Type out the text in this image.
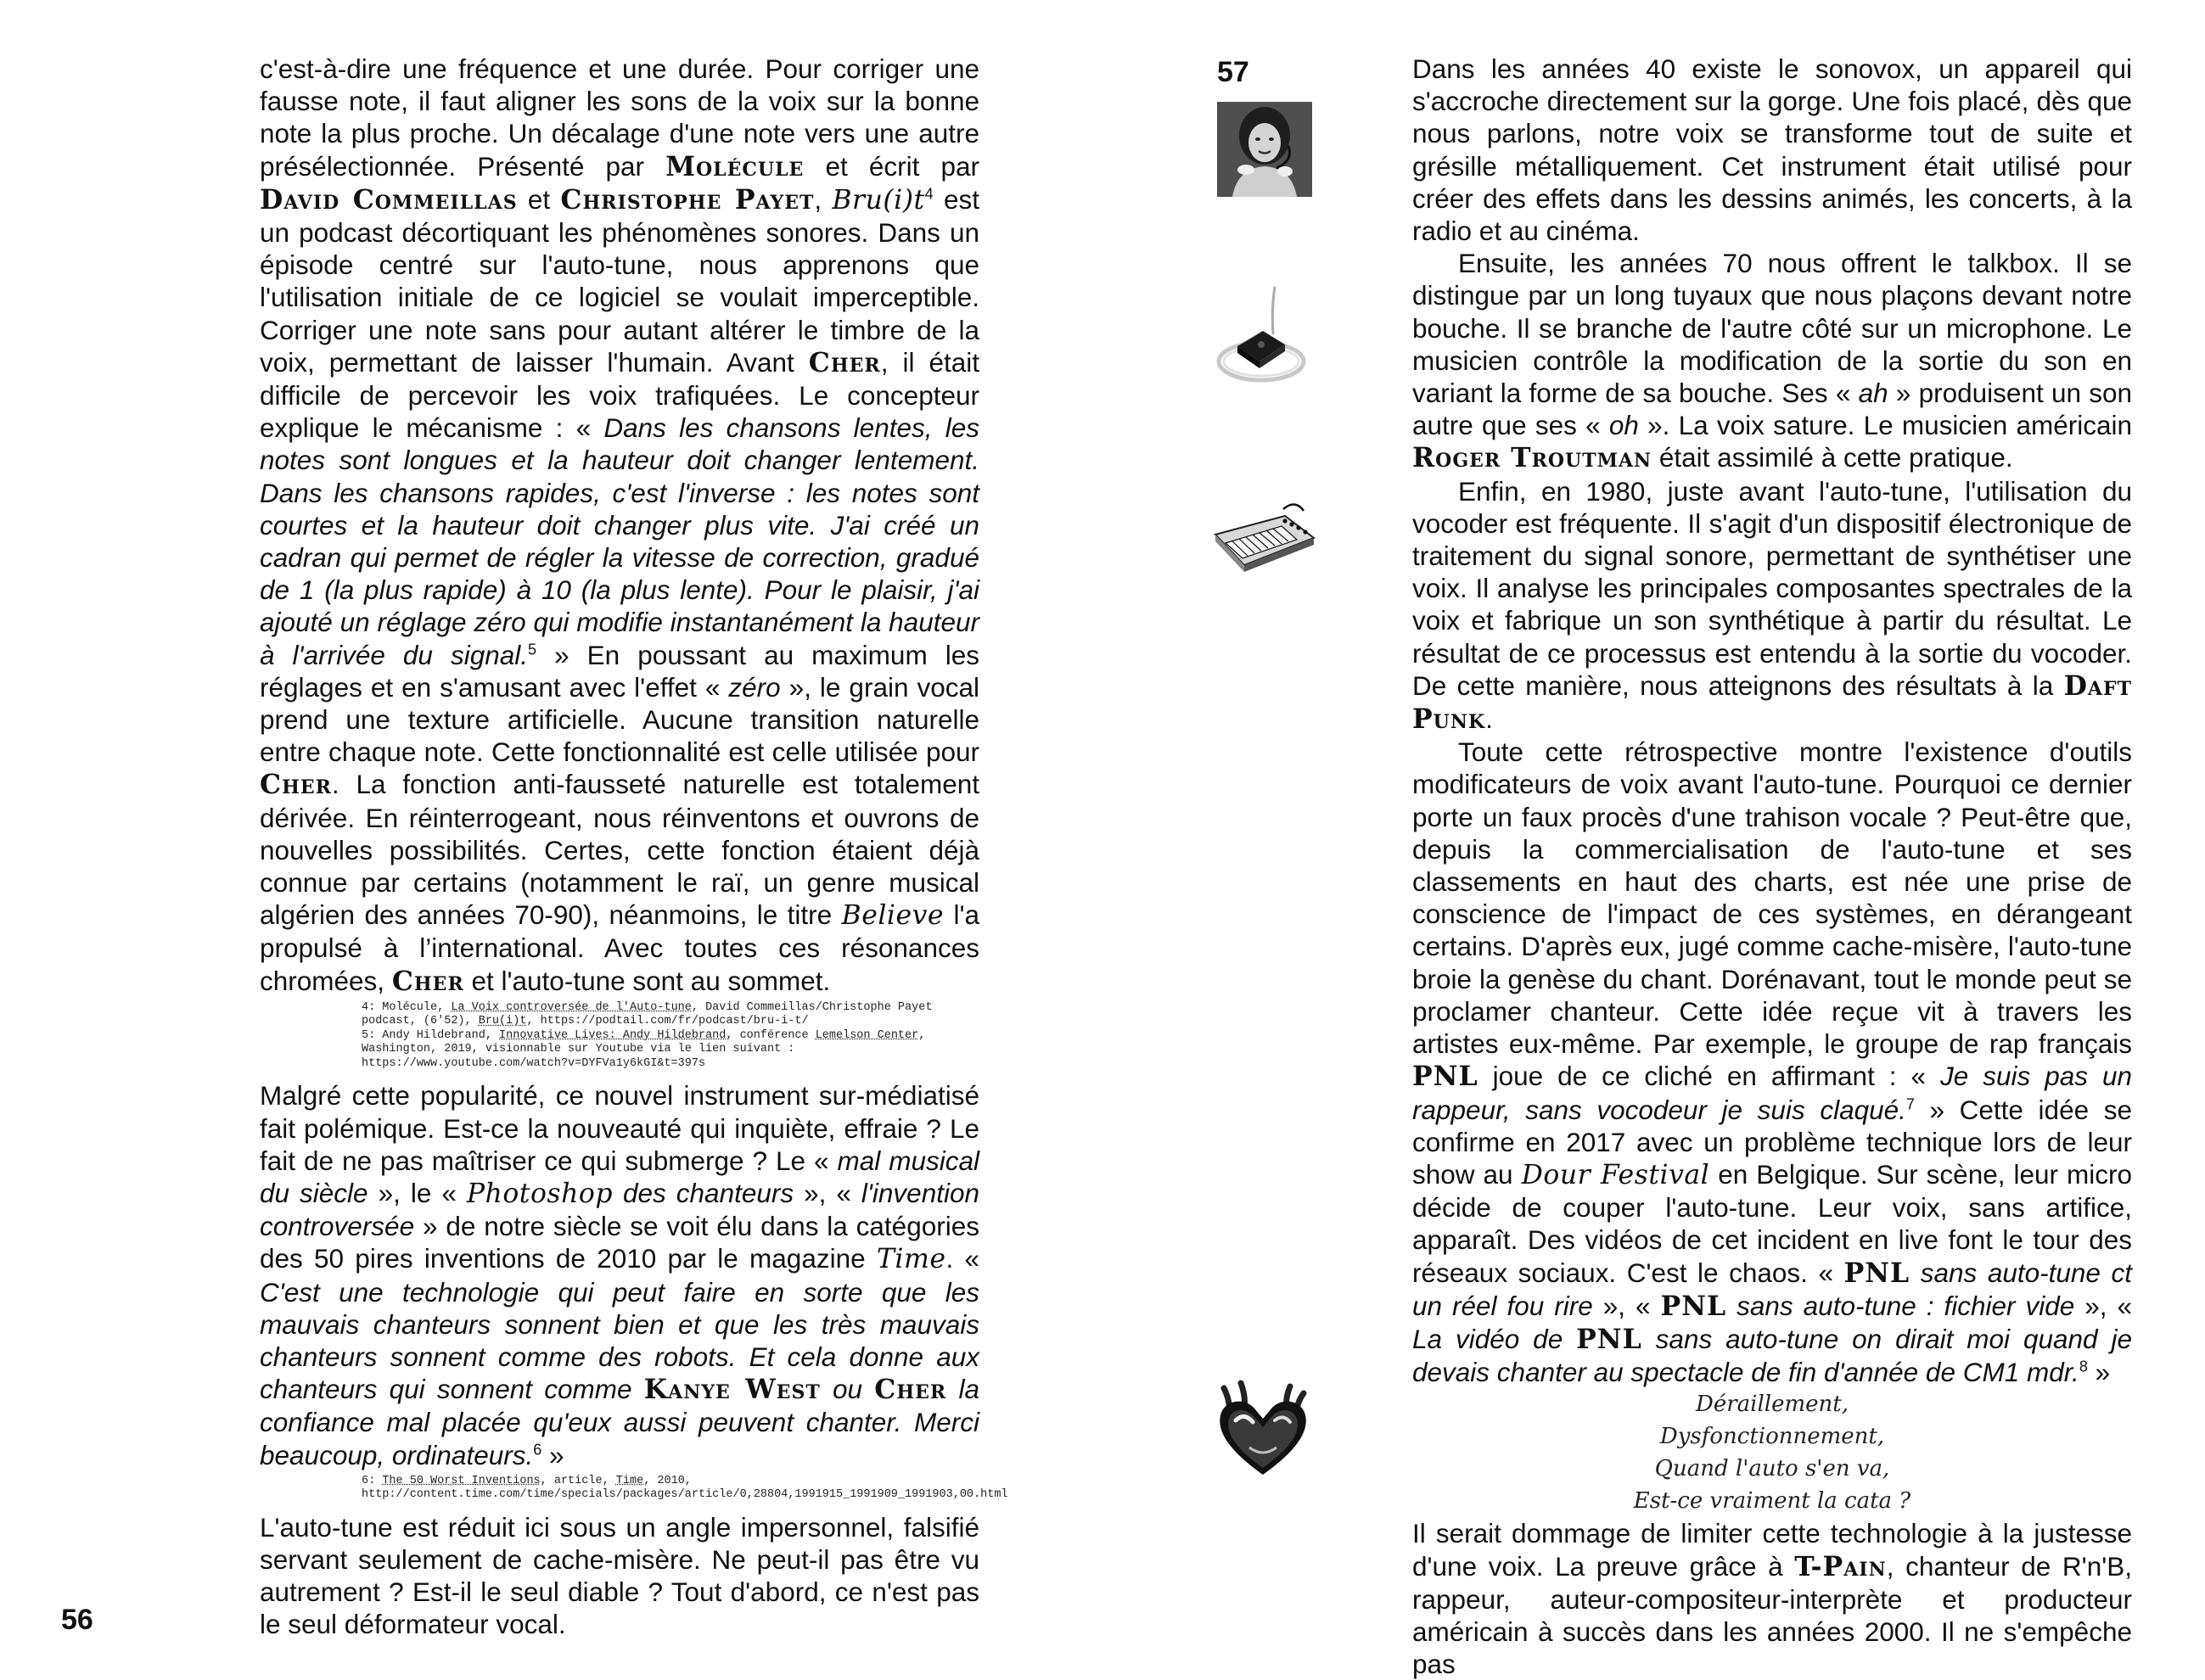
c'est-à-dire une fréquence et une durée. Pour corriger une fausse note, il faut aligner les sons de la voix sur la bonne note la plus proche. Un décalage d'une note vers une autre présélectionnée. Présenté par Molécule et écrit par David Commeillas et Christophe Payet, $Bru(i)t^4$ est un podcast décortiquant les phénomènes sonores. Dans un épisode centré sur l'auto-tune, nous apprenons que l'utilisation initiale de ce logiciel se voulait imperceptible. Corriger une note sans pour autant altérer le timbre de la voix, permettant de laisser l'humain. Avant Cher, il était difficile de percevoir les voix trafiquées. Le concepteur explique le mécanisme : « Dans les chansons lentes, les notes sont longues et la hauteur doit changer lentement. Dans les chansons rapides, c'est l'inverse : les notes sont courtes et la hauteur doit changer plus vite. J'ai créé un cadran qui permet de régler la vitesse de correction, gradué de 1 (la plus rapide) à 10 (la plus lente). Pour le plaisir, j'ai ajouté un réglage zéro qui modifie instantanément la hauteur à l'arrivée du signal.$^5$ » En poussant au maximum les réglages et en s'amusant avec l'effet « zéro », le grain vocal prend une texture artificielle. Aucune transition naturelle entre chaque note. Cette fonctionnalité est celle utilisée pour Cher. La fonction anti-fausseté naturelle est totalement dérivée. En réinterrogeant, nous réinventons et ouvrons de nouvelles possibilités. Certes, cette fonction étaient déjà connue par certains (notamment le raï, un genre musical algérien des années 70-90), néanmoins, le titre Believe l'a propulsé à l’international. Avec toutes ces résonances chromées, Cher et l'auto-tune sont au sommet.

4: Molécule, La Voix controversée de l'Auto-tune, David Commeillas/Christophe Payet podcast, (6'52), Bru(i)t, https://podtail.com/fr/podcast/bru-i-t/
5: Andy Hildebrand, Innovative Lives: Andy Hildebrand, conférence Lemelson Center, Washington, 2019, visionnable sur Youtube via le lien suivant : https://www.youtube.com/watch?v=DYFVa1y6kGI&t=397s

Malgré cette popularité, ce nouvel instrument sur-médiatisé fait polémique. Est-ce la nouveauté qui inquiète, effraie ? Le fait de ne pas maîtriser ce qui submerge ? Le « mal musical du siècle », le « Photoshop des chanteurs », « l'invention controversée » de notre siècle se voit élu dans la catégories des 50 pires inventions de 2010 par le magazine Time. « C'est une technologie qui peut faire en sorte que les mauvais chanteurs sonnent bien et que les très mauvais chanteurs sonnent comme des robots. Et cela donne aux chanteurs qui sonnent comme Kanye West ou Cher la confiance mal placée qu'eux aussi peuvent chanter. Merci beaucoup, ordinateurs.$^6$ »

6: The 50 Worst Inventions, article, Time, 2010, http://content.time.com/time/specials/packages/article/0,28804,1991915_1991909_1991903,00.html

L'auto-tune est réduit ici sous un angle impersonnel, falsifié servant seulement de cache-misère. Ne peut-il pas être vu autrement ? Est-il le seul diable ? Tout d'abord, ce n'est pas le seul déformateur vocal.

56
57	Dans les années 40 existe le sonovox, un appareil qui s'accroche directement sur la gorge. Une fois placé, dès que nous parlons, notre voix se transforme tout de suite et grésille métalliquement. Cet instrument était utilisé pour créer des effets dans les dessins animés, les concerts, à la radio et au cinéma.

Ensuite, les années 70 nous offrent le talkbox. Il se distingue par un long tuyaux que nous plaçons devant notre bouche. Il se branche de l'autre côté sur un microphone. Le musicien contrôle la modification de la sortie du son en variant la forme de sa bouche. Ses « ah » produisent un son autre que ses « oh ». La voix sature. Le musicien américain Roger Troutman était assimilé à cette pratique.

Enfin, en 1980, juste avant l'auto-tune, l'utilisation du vocoder est fréquente. Il s'agit d'un dispositif électronique de traitement du signal sonore, permettant de synthétiser une voix. Il analyse les principales composantes spectrales de la voix et fabrique un son synthétique à partir du résultat. Le résultat de ce processus est entendu à la sortie du vocoder. De cette manière, nous atteignons des résultats à la Daft Punk.

Toute cette rétrospective montre l'existence d'outils modificateurs de voix avant l'auto-tune. Pourquoi ce dernier porte un faux procès d'une trahison vocale ? Peut-être que, depuis la commercialisation de l'auto-tune et ses classements en haut des charts, est née une prise de conscience de l'impact de ces systèmes, en dérangeant certains. D'après eux, jugé comme cache-misère, l'auto-tune broie la genèse du chant. Dorénavant, tout le monde peut se proclamer chanteur. Cette idée reçue vit à travers les artistes eux-même. Par exemple, le groupe de rap français PNL joue de ce cliché en affirmant : « Je suis pas un rappeur, sans vocodeur je suis claqué.$^7$ » Cette idée se confirme en 2017 avec un problème technique lors de leur show au Dour Festival en Belgique. Sur scène, leur micro décide de couper l'auto-tune. Leur voix, sans artifice, apparaît. Des vidéos de cet incident en live font le tour des réseaux sociaux. C'est le chaos. « PNL sans auto-tune ct un réel fou rire », « PNL sans auto-tune : fichier vide », « La vidéo de PNL sans auto-tune on dirait moi quand je devais chanter au spectacle de fin d'année de CM1 mdr.$^8$ »

Déraillement,
Dysfonctionnement,
Quand l'auto s'en va,
Est-ce vraiment la cata ?

Il serait dommage de limiter cette technologie à la justesse d'une voix. La preuve grâce à T-Pain, chanteur de R'n'B, rappeur, auteur-compositeur-interprète et producteur américain à succès dans les années 2000. Il ne s'empêche pas
